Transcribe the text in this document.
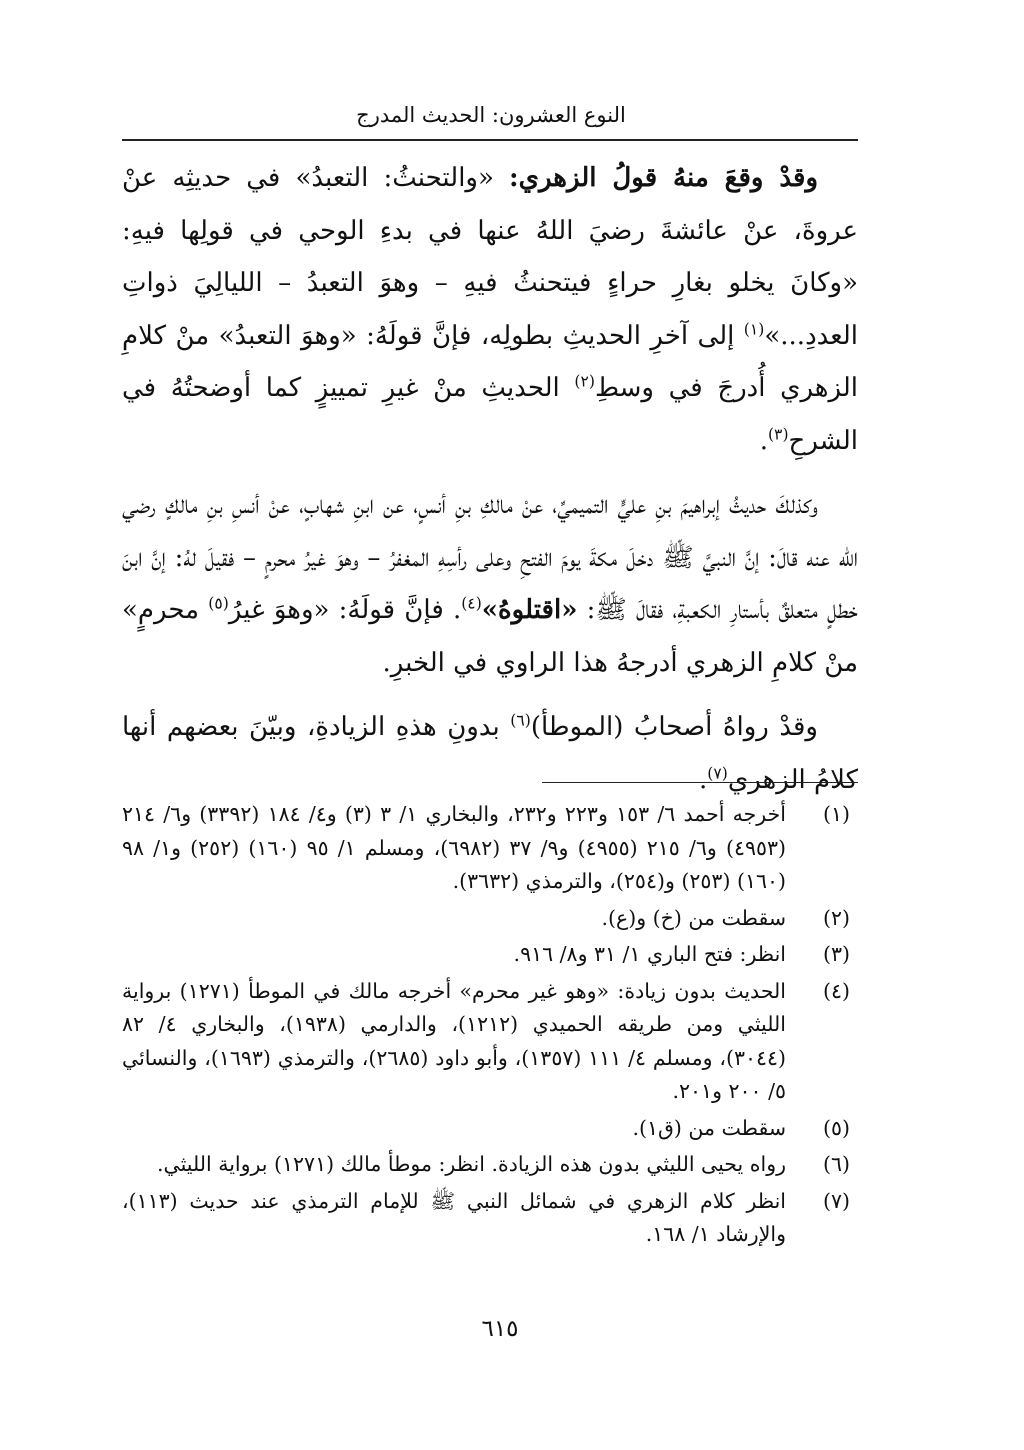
النوع العشرون: الحديث المدرج

وقدْ وقعَ منهُ قولُ الزهري: «والتحنثُ: التعبدُ» في حديثِه عنْ عروةَ، عنْ عائشةَ رضيَ اللهُ عنها في بدءِ الوحي في قولِها فيهِ: «وكانَ يخلو بغارِ حراءٍ فيتحنثُ فيهِ – وهوَ التعبدُ – الليالِيَ ذواتِ العددِ...»$^{(١)}$ إلى آخرِ الحديثِ بطولِه، فإنَّ قولَهُ: «وهوَ التعبدُ» منْ كلامِ الزهري أُدرجَ في وسطِ$^{(٢)}$ الحديثِ منْ غيرِ تمييزٍ كما أوضحتُهُ في الشرحِ$^{(٣)}$.

وكذلكَ حديثُ إبراهيمَ بنِ عليٍّ التميميِّ، عنْ مالكِ بنِ أنسٍ، عن ابنِ شهابٍ، عنْ أنسِ بنِ مالكٍ رضي الله عنه قالَ: إنَّ النبيَّ ﷺ دخلَ مكةَ يومَ الفتحِ وعلى رأسِهِ المغفرُ – وهوَ غيرُ محرمٍ – فقيلَ لهُ: إنَّ ابنَ خطلٍ متعلقٌ بأستارِ الكعبةِ، فقالَ ﷺ: «اقتلوهُ»$^{(٤)}$. فإنَّ قولَهُ: «وهوَ غيرُ$^{(٥)}$ محرمٍ» منْ كلامِ الزهري أدرجهُ هذا الراوي في الخبرِ.

وقدْ رواهُ أصحابُ (الموطأ)$^{(٦)}$ بدونِ هذهِ الزيادةِ، وبيّنَ بعضهم أنها كلامُ الزهري$^{(٧)}$.

(١)
أخرجه أحمد ٦/ ١٥٣ و٢٢٣ و٢٣٢، والبخاري ١/ ٣ (٣) و٤/ ١٨٤ (٣٣٩٢) و٦/ ٢١٤ (٤٩٥٣) و٦/ ٢١٥ (٤٩٥٥) و٩/ ٣٧ (٦٩٨٢)، ومسلم ١/ ٩٥ (١٦٠) (٢٥٢) و١/ ٩٨ (١٦٠) (٢٥٣) و(٢٥٤)، والترمذي (٣٦٣٢).
(٢)
سقطت من (خ) و(ع).
(٣)
انظر: فتح الباري ١/ ٣١ و٨/ ٩١٦.
(٤)
الحديث بدون زيادة: «وهو غير محرم» أخرجه مالك في الموطأ (١٢٧١) برواية الليثي ومن طريقه الحميدي (١٢١٢)، والدارمي (١٩٣٨)، والبخاري ٤/ ٨٢ (٣٠٤٤)، ومسلم ٤/ ١١١ (١٣٥٧)، وأبو داود (٢٦٨٥)، والترمذي (١٦٩٣)، والنسائي ٥/ ٢٠٠ و٢٠١.
(٥)
سقطت من (ق١).
(٦)
رواه يحيى الليثي بدون هذه الزيادة. انظر: موطأ مالك (١٢٧١) برواية الليثي.
(٧)
انظر كلام الزهري في شمائل النبي ﷺ للإمام الترمذي عند حديث (١١٣)، والإرشاد ١/ ١٦٨.
٦١٥
